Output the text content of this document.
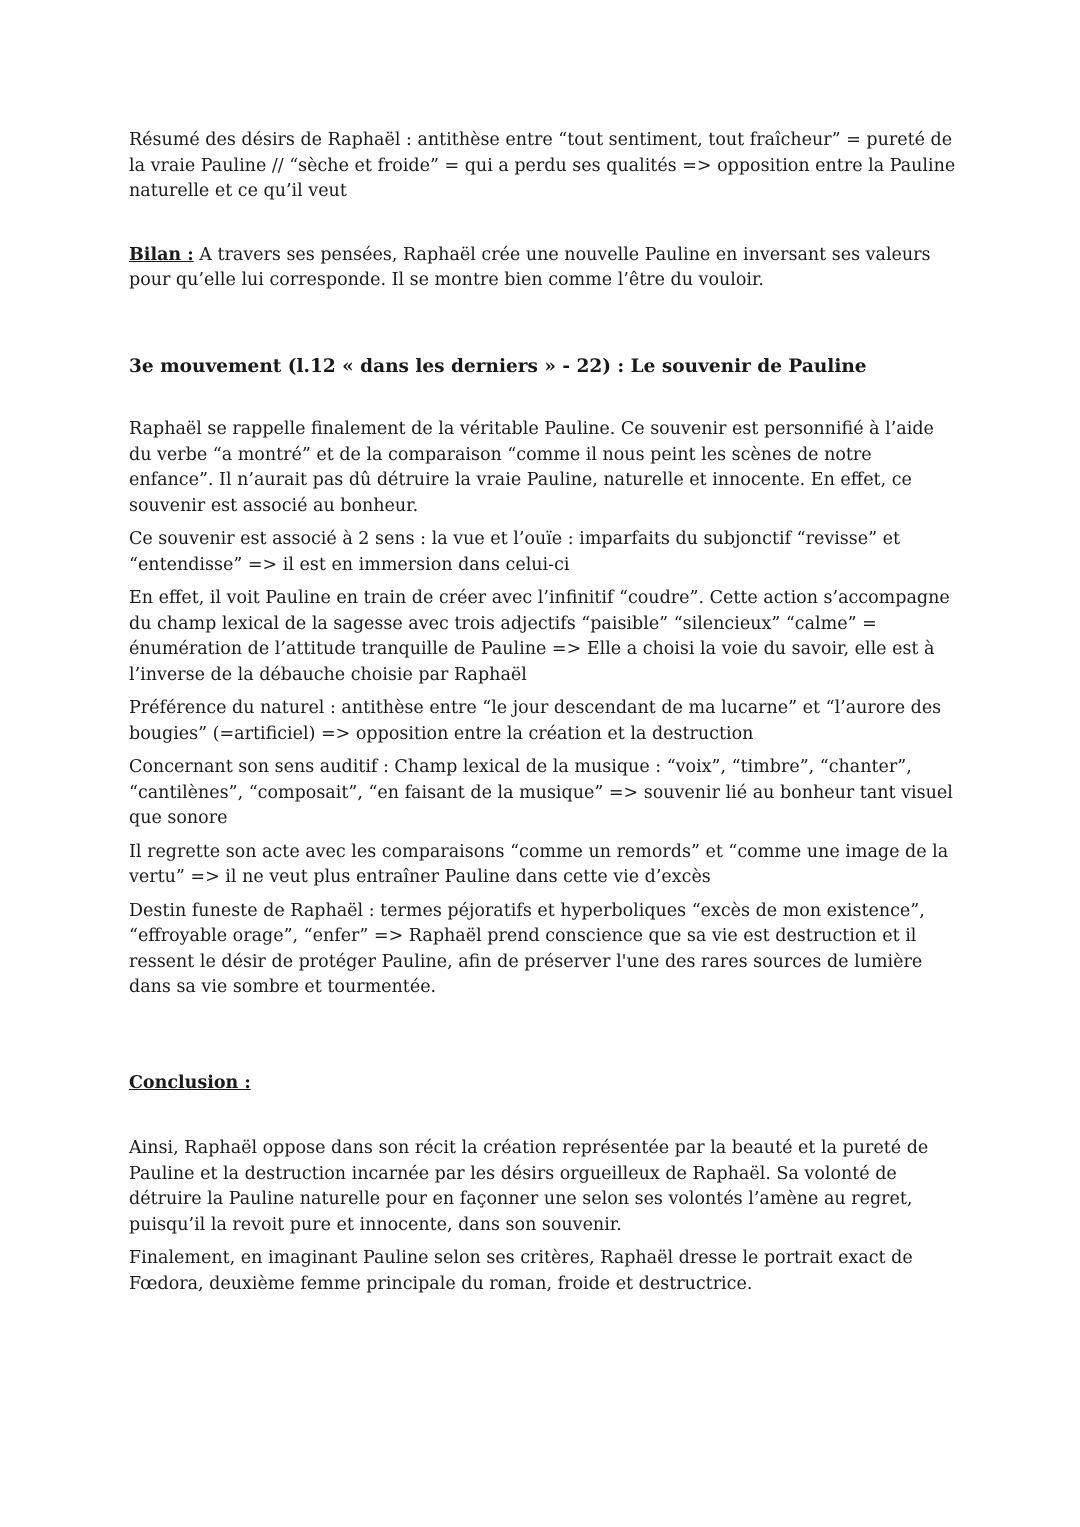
Résumé des désirs de Raphaël : antithèse entre “tout sentiment, tout fraîcheur” = pureté de la vraie Pauline // “sèche et froide” = qui a perdu ses qualités => opposition entre la Pauline naturelle et ce qu’il veut

Bilan : A travers ses pensées, Raphaël crée une nouvelle Pauline en inversant ses valeurs pour qu’elle lui corresponde. Il se montre bien comme l’être du vouloir.

3e mouvement (l.12 « dans les derniers » - 22) : Le souvenir de Pauline

Raphaël se rappelle finalement de la véritable Pauline. Ce souvenir est personnifié à l’aide du verbe “a montré” et de la comparaison “comme il nous peint les scènes de notre enfance”. Il n’aurait pas dû détruire la vraie Pauline, naturelle et innocente. En effet, ce souvenir est associé au bonheur.

Ce souvenir est associé à 2 sens : la vue et l’ouïe : imparfaits du subjonctif “revisse” et “entendisse” => il est en immersion dans celui-ci

En effet, il voit Pauline en train de créer avec l’infinitif “coudre”. Cette action s’accompagne du champ lexical de la sagesse avec trois adjectifs “paisible” “silencieux” “calme” = énumération de l’attitude tranquille de Pauline => Elle a choisi la voie du savoir, elle est à l’inverse de la débauche choisie par Raphaël

Préférence du naturel : antithèse entre “le jour descendant de ma lucarne” et “l’aurore des bougies” (=artificiel) => opposition entre la création et la destruction

Concernant son sens auditif : Champ lexical de la musique : “voix”, “timbre”, “chanter”, “cantilènes”, “composait”, “en faisant de la musique” => souvenir lié au bonheur tant visuel que sonore

Il regrette son acte avec les comparaisons “comme un remords” et “comme une image de la vertu” => il ne veut plus entraîner Pauline dans cette vie d’excès

Destin funeste de Raphaël : termes péjoratifs et hyperboliques “excès de mon existence”, “effroyable orage”, “enfer” => Raphaël prend conscience que sa vie est destruction et il ressent le désir de protéger Pauline, afin de préserver l'une des rares sources de lumière dans sa vie sombre et tourmentée.

Conclusion :

Ainsi, Raphaël oppose dans son récit la création représentée par la beauté et la pureté de Pauline et la destruction incarnée par les désirs orgueilleux de Raphaël. Sa volonté de détruire la Pauline naturelle pour en façonner une selon ses volontés l’amène au regret, puisqu’il la revoit pure et innocente, dans son souvenir.

Finalement, en imaginant Pauline selon ses critères, Raphaël dresse le portrait exact de Fœdora, deuxième femme principale du roman, froide et destructrice.
